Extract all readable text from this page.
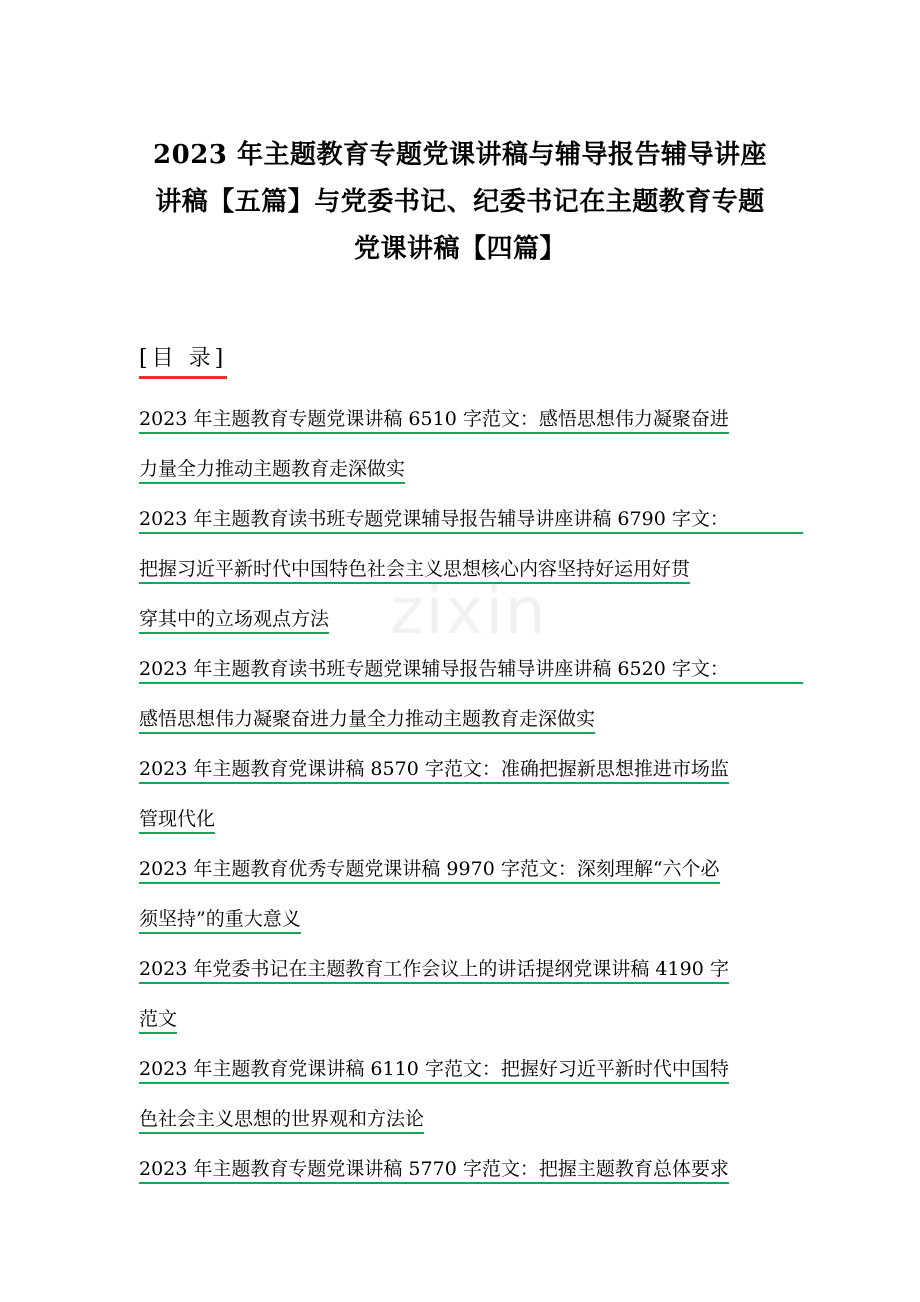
zixin
2023 年主题教育专题党课讲稿与辅导报告辅导讲座
讲稿【五篇】与党委书记、纪委书记在主题教育专题
党课讲稿【四篇】
[目 录]
2023 年主题教育专题党课讲稿 6510 字范文：感悟思想伟力凝聚奋进
力量全力推动主题教育走深做实
2023 年主题教育读书班专题党课辅导报告辅导讲座讲稿 6790 字文：
把握习近平新时代中国特色社会主义思想核心内容坚持好运用好贯
穿其中的立场观点方法
2023 年主题教育读书班专题党课辅导报告辅导讲座讲稿 6520 字文：
感悟思想伟力凝聚奋进力量全力推动主题教育走深做实
2023 年主题教育党课讲稿 8570 字范文：准确把握新思想推进市场监
管现代化
2023 年主题教育优秀专题党课讲稿 9970 字范文：深刻理解“六个必
须坚持”的重大意义
2023 年党委书记在主题教育工作会议上的讲话提纲党课讲稿 4190 字
范文
2023 年主题教育党课讲稿 6110 字范文：把握好习近平新时代中国特
色社会主义思想的世界观和方法论
2023 年主题教育专题党课讲稿 5770 字范文：把握主题教育总体要求
